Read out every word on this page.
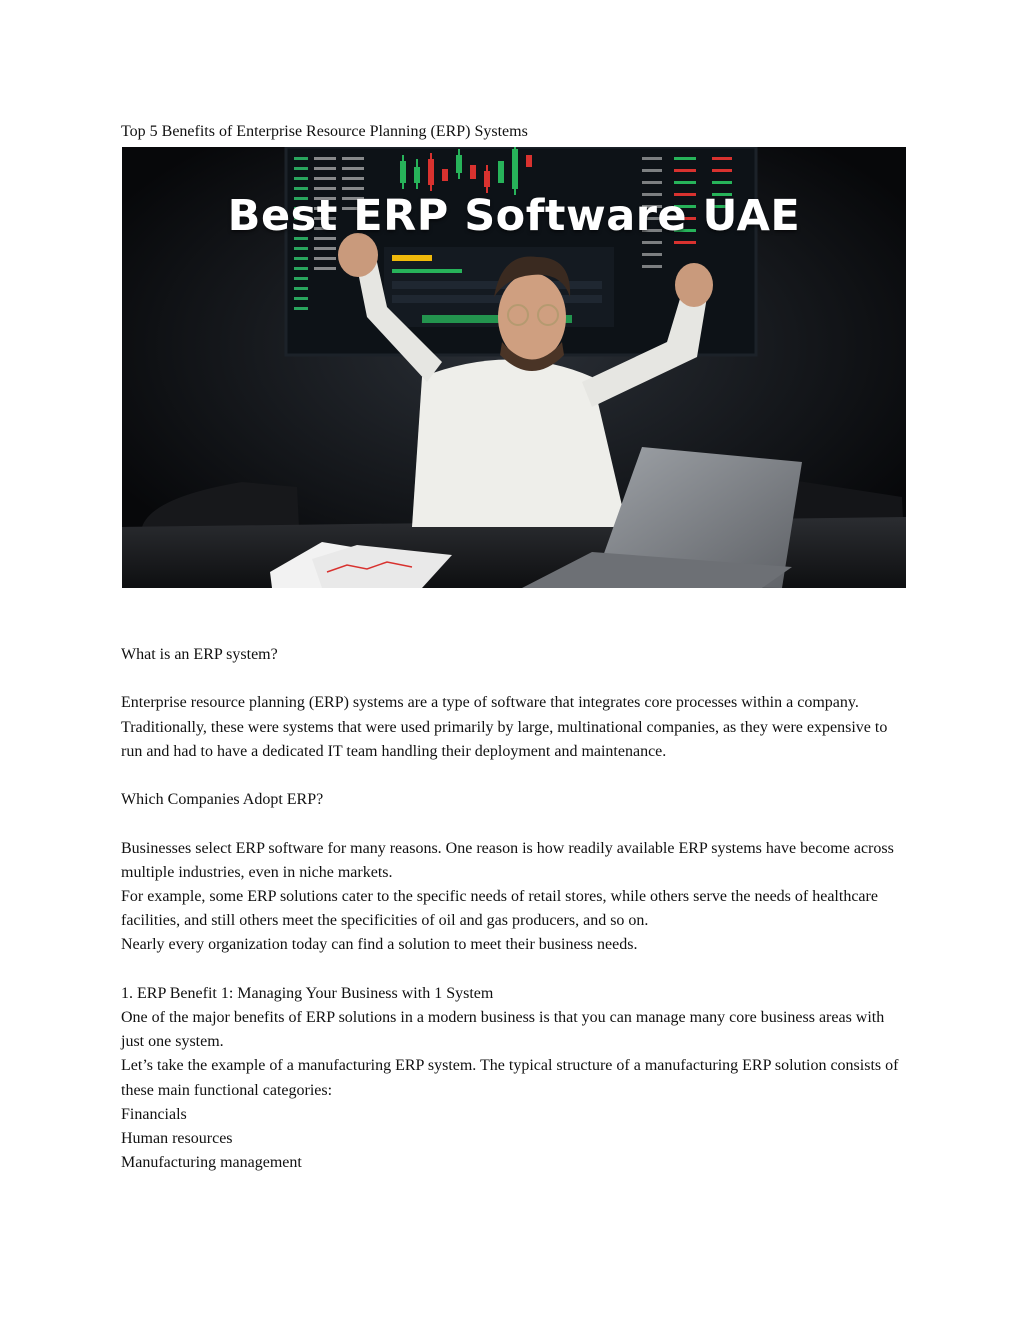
Top 5 Benefits of Enterprise Resource Planning (ERP) Systems

Best ERP Software UAE

What is an ERP system?

Enterprise resource planning (ERP) systems are a type of software that integrates core processes within a company. Traditionally, these were systems that were used primarily by large, multinational companies, as they were expensive to run and had to have a dedicated IT team handling their deployment and maintenance.

Which Companies Adopt ERP?

Businesses select ERP software for many reasons. One reason is how readily available ERP systems have become across multiple industries, even in niche markets.

For example, some ERP solutions cater to the specific needs of retail stores, while others serve the needs of healthcare facilities, and still others meet the specificities of oil and gas producers, and so on.

Nearly every organization today can find a solution to meet their business needs.

1. ERP Benefit 1: Managing Your Business with 1 System

One of the major benefits of ERP solutions in a modern business is that you can manage many core business areas with just one system.

Let’s take the example of a manufacturing ERP system. The typical structure of a manufacturing ERP solution consists of these main functional categories:

Financials

Human resources

Manufacturing management
